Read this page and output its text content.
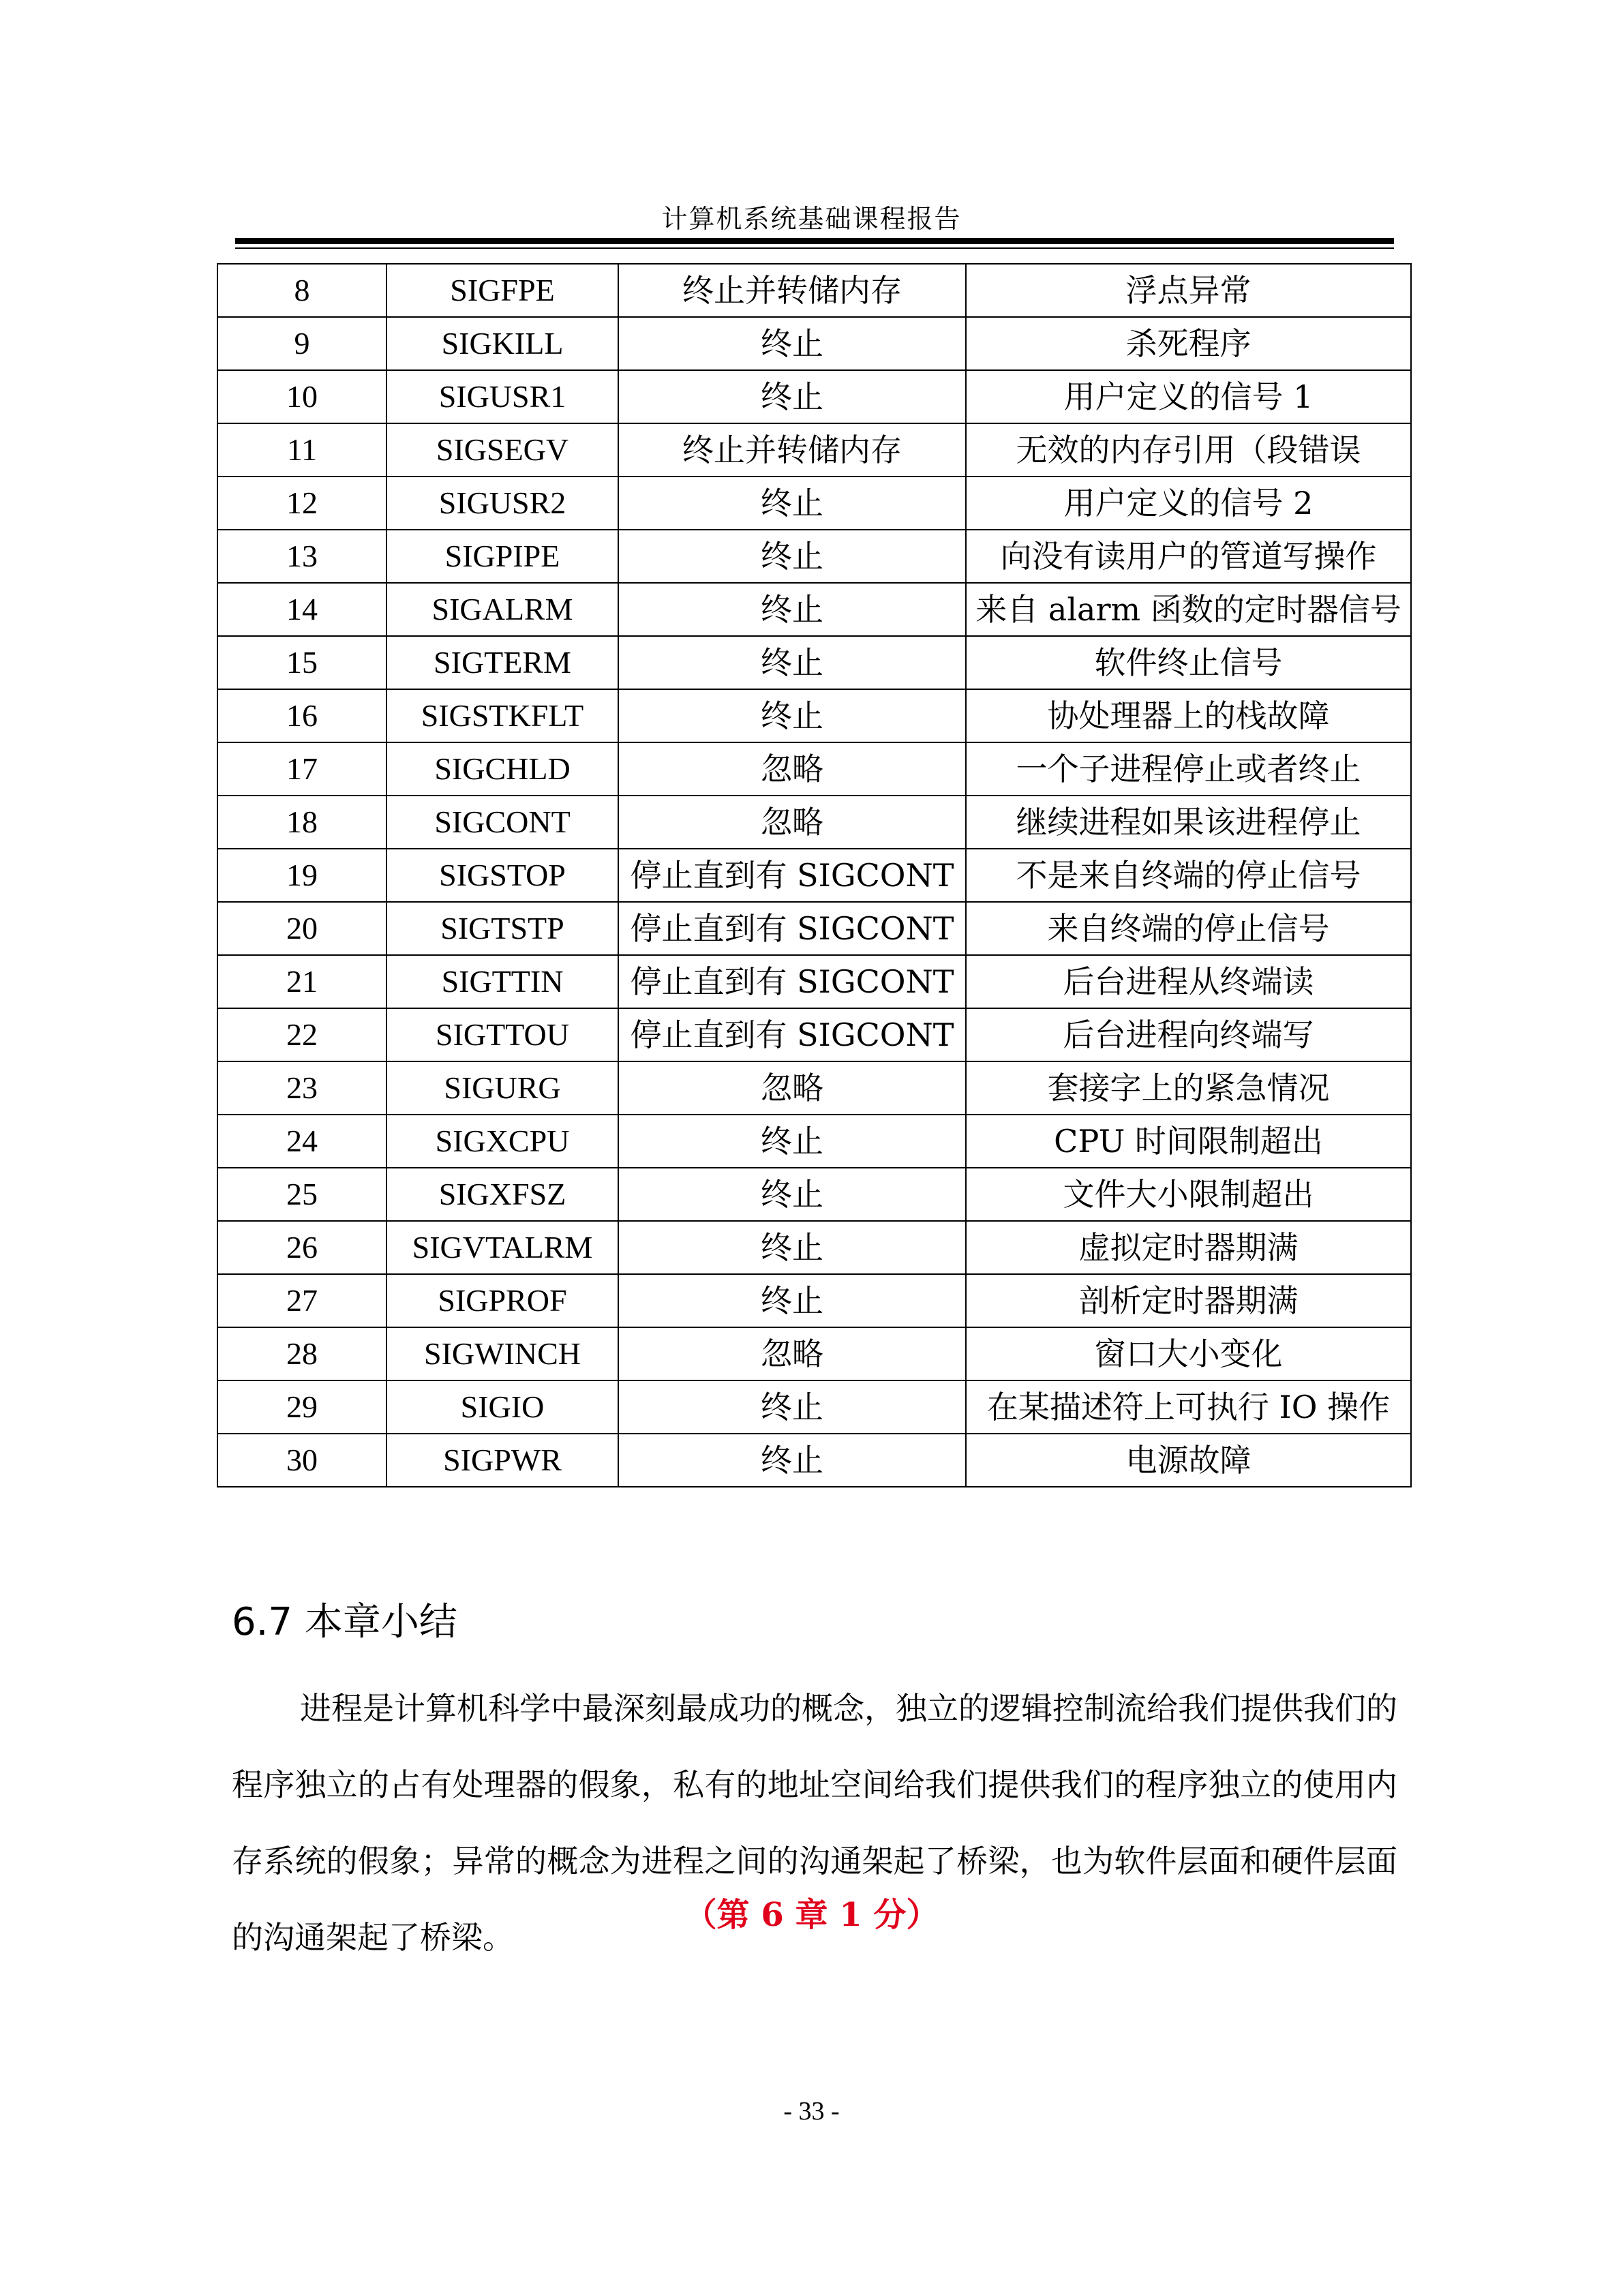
计算机系统基础课程报告
8	SIGFPE	终止并转储内存	浮点异常
9	SIGKILL	终止	杀死程序
10	SIGUSR1	终止	用户定义的信号 1
11	SIGSEGV	终止并转储内存	无效的内存引用（段错误
12	SIGUSR2	终止	用户定义的信号 2
13	SIGPIPE	终止	向没有读用户的管道写操作
14	SIGALRM	终止	来自 alarm 函数的定时器信号
15	SIGTERM	终止	软件终止信号
16	SIGSTKFLT	终止	协处理器上的栈故障
17	SIGCHLD	忽略	一个子进程停止或者终止
18	SIGCONT	忽略	继续进程如果该进程停止
19	SIGSTOP	停止直到有 SIGCONT	不是来自终端的停止信号
20	SIGTSTP	停止直到有 SIGCONT	来自终端的停止信号
21	SIGTTIN	停止直到有 SIGCONT	后台进程从终端读
22	SIGTTOU	停止直到有 SIGCONT	后台进程向终端写
23	SIGURG	忽略	套接字上的紧急情况
24	SIGXCPU	终止	CPU 时间限制超出
25	SIGXFSZ	终止	文件大小限制超出
26	SIGVTALRM	终止	虚拟定时器期满
27	SIGPROF	终止	剖析定时器期满
28	SIGWINCH	忽略	窗口大小变化
29	SIGIO	终止	在某描述符上可执行 IO 操作
30	SIGPWR	终止	电源故障
6.7 本章小结
进程是计算机科学中最深刻最成功的概念，独立的逻辑控制流给我们提供我们的程序独立的占有处理器的假象，私有的地址空间给我们提供我们的程序独立的使用内存系统的假象；异常的概念为进程之间的沟通架起了桥梁，也为软件层面和硬件层面的沟通架起了桥梁。
（第 6 章 1 分）
- 33 -
